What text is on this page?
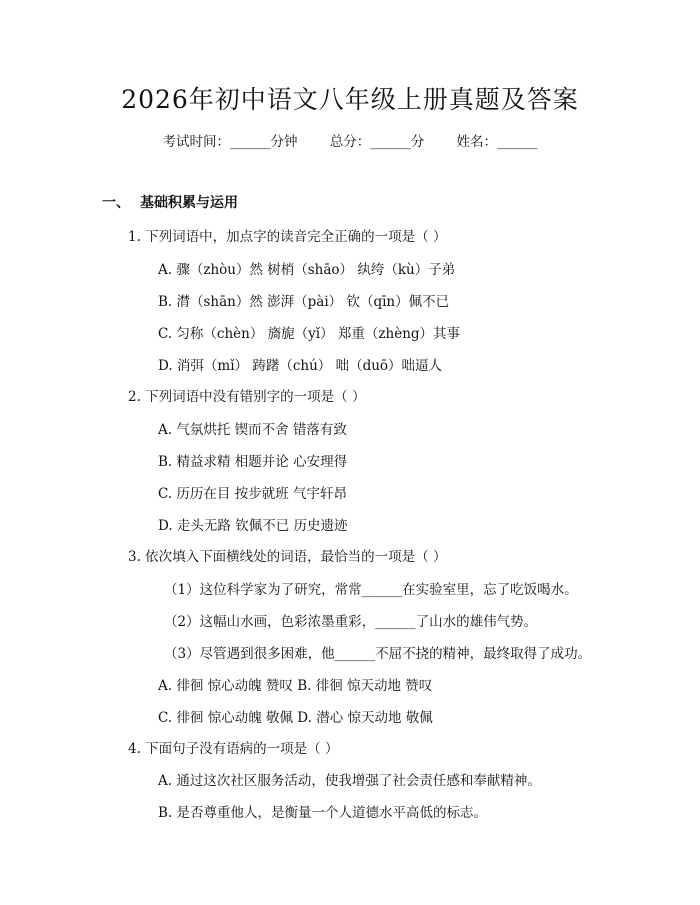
2026年初中语文八年级上册真题及答案
考试时间：______分钟 总分：______分 姓名：______
一、 基础积累与运用
1. 下列词语中，加点字的读音完全正确的一项是（ ）
A. 骤（zhòu）然 树梢（shāo） 纨绔（kù）子弟
B. 潸（shān）然 澎湃（pài） 钦（qīn）佩不已
C. 匀称（chèn） 旖旎（yǐ） 郑重（zhèng）其事
D. 消弭（mǐ） 踌躇（chú） 咄（duō）咄逼人
2. 下列词语中没有错别字的一项是（ ）
A. 气氛烘托 锲而不舍 错落有致
B. 精益求精 相题并论 心安理得
C. 历历在目 按步就班 气宇轩昂
D. 走头无路 钦佩不已 历史遗迹
3. 依次填入下面横线处的词语，最恰当的一项是（ ）
（1）这位科学家为了研究，常常______在实验室里，忘了吃饭喝水。
（2）这幅山水画，色彩浓墨重彩，______了山水的雄伟气势。
（3）尽管遇到很多困难，他______不屈不挠的精神，最终取得了成功。
A. 徘徊 惊心动魄 赞叹 B. 徘徊 惊天动地 赞叹
C. 徘徊 惊心动魄 敬佩 D. 潜心 惊天动地 敬佩
4. 下面句子没有语病的一项是（ ）
A. 通过这次社区服务活动，使我增强了社会责任感和奉献精神。
B. 是否尊重他人，是衡量一个人道德水平高低的标志。
